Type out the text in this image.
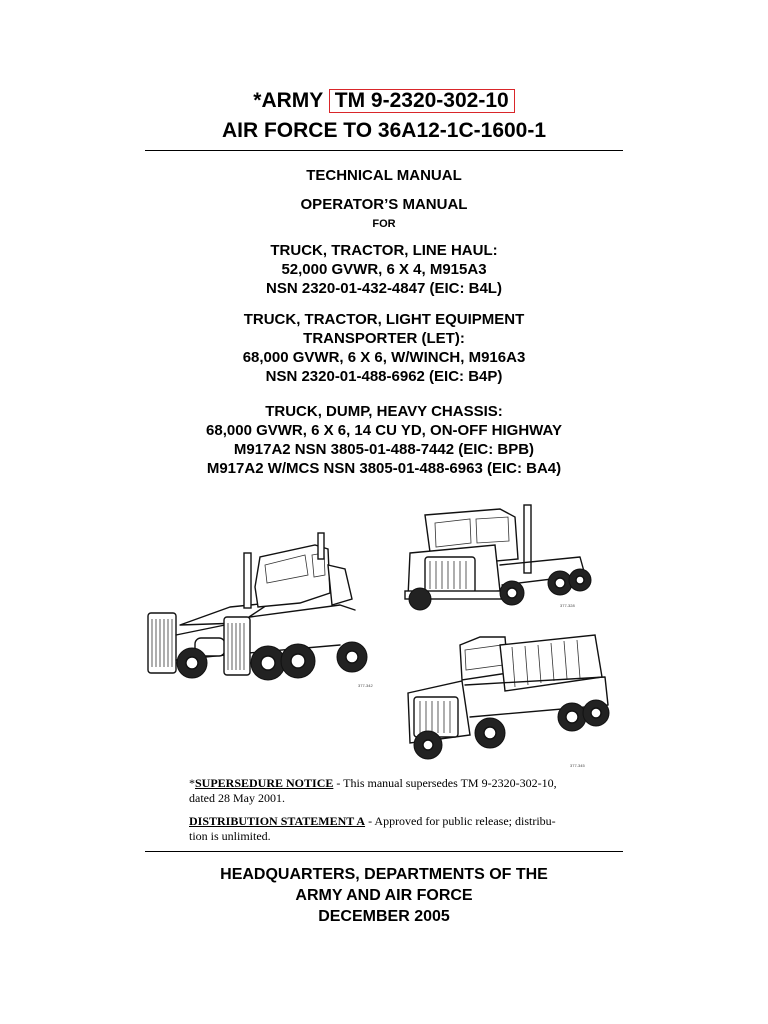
*ARMY TM 9-2320-302-10
AIR FORCE TO 36A12-1C-1600-1
TECHNICAL MANUAL
OPERATOR’S MANUAL
FOR
TRUCK, TRACTOR, LINE HAUL:
52,000 GVWR, 6 X 4, M915A3
NSN 2320-01-432-4847 (EIC: B4L)
TRUCK, TRACTOR, LIGHT EQUIPMENT
TRANSPORTER (LET):
68,000 GVWR, 6 X 6, W/WINCH, M916A3
NSN 2320-01-488-6962 (EIC: B4P)
TRUCK, DUMP, HEAVY CHASSIS:
68,000 GVWR, 6 X 6, 14 CU YD, ON-OFF HIGHWAY
M917A2 NSN 3805-01-488-7442 (EIC: BPB)
M917A2 W/MCS NSN 3805-01-488-6963 (EIC: BA4)
377-342
377-328
377-345
*SUPERSEDURE NOTICE - This manual supersedes TM 9-2320-302-10,
dated 28 May 2001.
DISTRIBUTION STATEMENT A - Approved for public release; distribu-
tion is unlimited.
HEADQUARTERS, DEPARTMENTS OF THE
ARMY AND AIR FORCE
DECEMBER 2005
